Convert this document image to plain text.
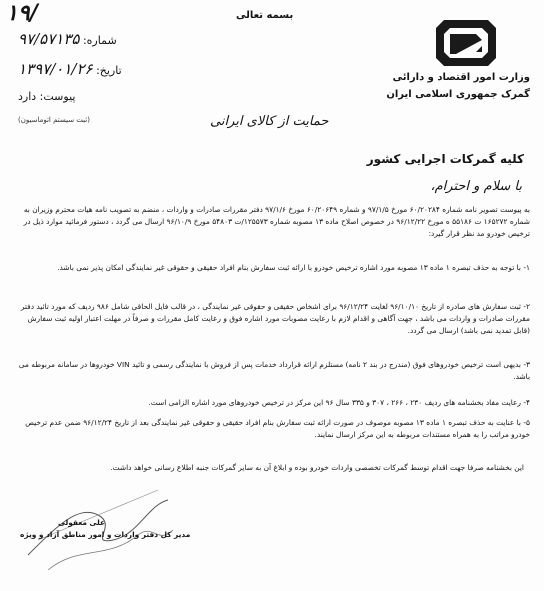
۱۹/	بسمه تعالی
شماره: ۹۷/۵۷۱۳۵
تاریخ: ۱۳۹۷/۰۱/۲۶
پیوست: دارد
وزارت امور اقتصاد و دارائی
گمرک جمهوری اسلامی ایران
حمایت از کالای ایرانی
(ثبت سیستم اتوماسیون)
کلیه گمرکات اجرایی کشور
با سلام و احترام،
به پیوست تصویر نامه شماره ۶۰/۲۰۲۸۴ مورخ ۹۷/۱/۵ و شماره ۶۰/۲۰۶۴۹ مورخ ۹۷/۱/۶ دفتر مقررات صادرات و واردات ، منضم به تصویب نامه هیات محترم وزیران به شماره ۱۶۵۲۷۲ ت ۵۵۱۸۶ ه مورخ ۹۶/۱۲/۲۲ در خصوص اصلاح ماده ۱۳ مصوبه شماره ۱۲۵۵۷۳/ت ۵۴۸۰۳ مورخ ۹۶/۱۰/۹ ارسال می گردد ، دستور فرمائید موارد ذیل در ترخیص خودرو مد نظر قرار گیرد:
۱- با توجه به حذف تبصره ۱ ماده ۱۳ مصوبه مورد اشاره ترخیص خودرو با ارائه ثبت سفارش بنام افراد حقیقی و حقوقی غیر نمایندگی امکان پذیر نمی باشد.
۲- ثبت سفارش های صادره از تاریخ ۹۶/۱۰/۱۰ لغایت ۹۶/۱۲/۲۴ برای اشخاص حقیقی و حقوقی غیر نمایندگی ، در قالب فایل الحاقی شامل ۹۸۶ ردیف که مورد تائید دفتر مقررات صادرات و واردات می باشد ، جهت آگاهی و اقدام لازم با رعایت مصوبات مورد اشاره فوق و رعایت کامل مقررات و صرفاً در مهلت اعتبار اولیه ثبت سفارش (قابل تمدید نمی باشد) ارسال می گردد.
۳- بدیهی است ترخیص خودروهای فوق (مندرج در بند ۲ نامه) مستلزم ارائه قرارداد خدمات پس از فروش با نمایندگی رسمی و تائید VIN خودروها در سامانه مربوطه می باشد.
۴- رعایت مفاد بخشنامه های ردیف ۲۳۰ ، ۲۶۶ ، ۳۰۷ و ۳۳۵ سال ۹۶ این مرکز در ترخیص خودروهای مورد اشاره الزامی است.
۵- با عنایت به حذف تبصره ۱ ماده ۱۳ مصوبه موصوف در صورت ارائه ثبت سفارش بنام افراد حقیقی و حقوقی غیر نمایندگی بعد از تاریخ ۹۶/۱۲/۲۴ ضمن عدم ترخیص خودرو مراتب را به همراه مستندات مربوطه به این مرکز ارسال نمایند.
این بخشنامه صرفا جهت اقدام توسط گمرکات تخصصی واردات خودرو بوده و ابلاغ آن به سایر گمرکات جنبه اطلاع رسانی خواهد داشت.
علی معقولی
مدیر کل دفتر واردات و امور مناطق آزاد و ویژه
